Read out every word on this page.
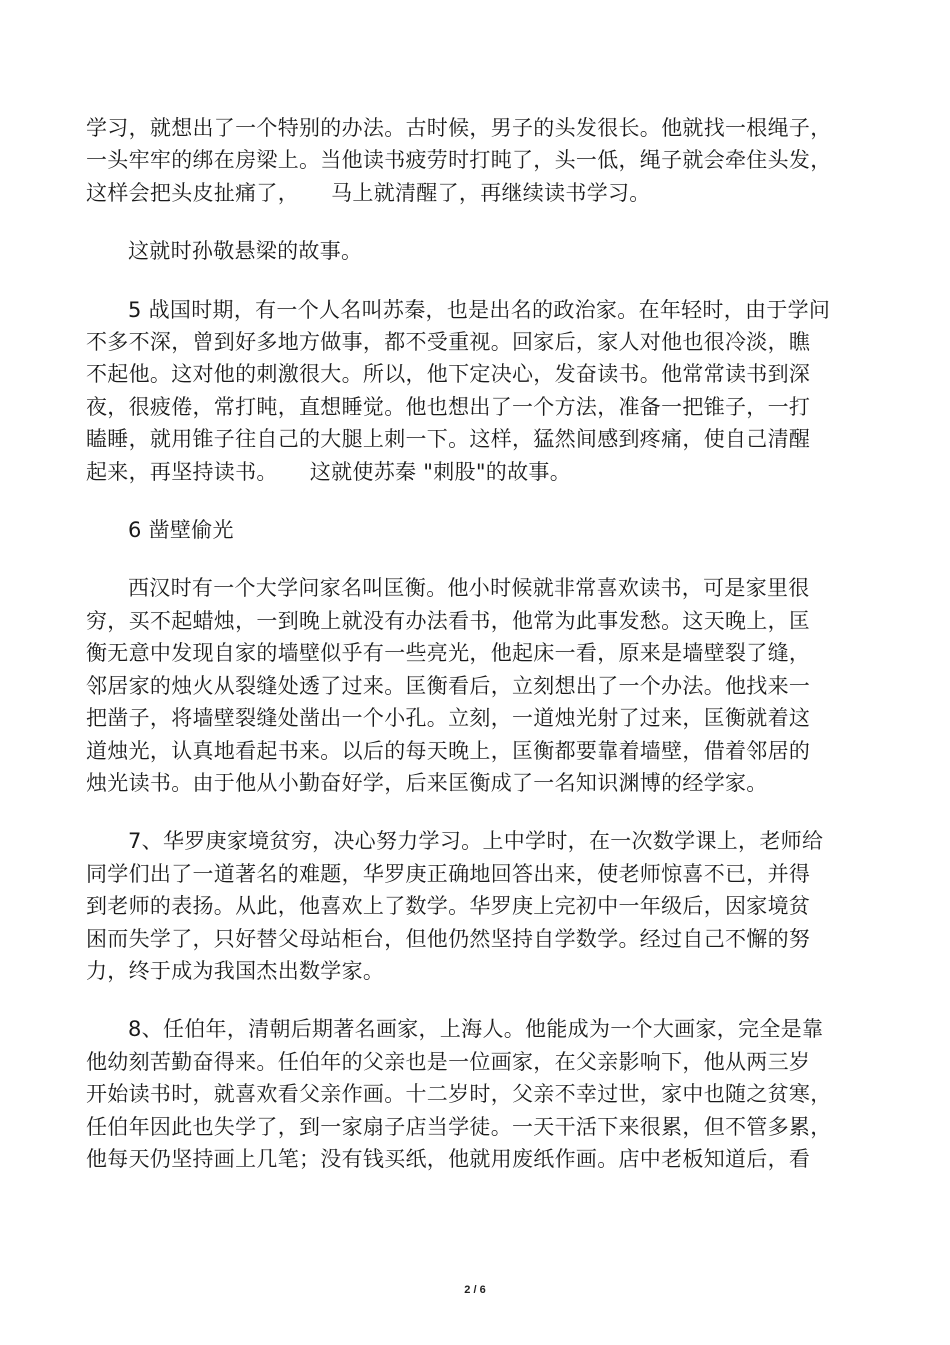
学习，就想出了一个特别的办法。古时候，男子的头发很长。他就找一根绳子，
一头牢牢的绑在房梁上。当他读书疲劳时打盹了，头一低，绳子就会牵住头发，
这样会把头皮扯痛了，　　马上就清醒了，再继续读书学习。

这就时孙敬悬梁的故事。

5 战国时期，有一个人名叫苏秦，也是出名的政治家。在年轻时，由于学问
不多不深，曾到好多地方做事，都不受重视。回家后，家人对他也很冷淡，瞧
不起他。这对他的刺激很大。所以，他下定决心，发奋读书。他常常读书到深
夜，很疲倦，常打盹，直想睡觉。他也想出了一个方法，准备一把锥子，一打
瞌睡，就用锥子往自己的大腿上刺一下。这样，猛然间感到疼痛，使自己清醒
起来，再坚持读书。　　这就使苏秦 "刺股"的故事。

6 凿壁偷光

西汉时有一个大学问家名叫匡衡。他小时候就非常喜欢读书，可是家里很
穷，买不起蜡烛，一到晚上就没有办法看书，他常为此事发愁。这天晚上，匡
衡无意中发现自家的墙壁似乎有一些亮光，他起床一看，原来是墙壁裂了缝，
邻居家的烛火从裂缝处透了过来。匡衡看后，立刻想出了一个办法。他找来一
把凿子，将墙壁裂缝处凿出一个小孔。立刻，一道烛光射了过来，匡衡就着这
道烛光，认真地看起书来。以后的每天晚上，匡衡都要靠着墙壁，借着邻居的
烛光读书。由于他从小勤奋好学，后来匡衡成了一名知识渊博的经学家。

7、华罗庚家境贫穷，决心努力学习。上中学时，在一次数学课上，老师给
同学们出了一道著名的难题，华罗庚正确地回答出来，使老师惊喜不已，并得
到老师的表扬。从此，他喜欢上了数学。华罗庚上完初中一年级后，因家境贫
困而失学了，只好替父母站柜台，但他仍然坚持自学数学。经过自己不懈的努
力，终于成为我国杰出数学家。

8、任伯年，清朝后期著名画家，上海人。他能成为一个大画家，完全是靠
他幼刻苦勤奋得来。任伯年的父亲也是一位画家，在父亲影响下，他从两三岁
开始读书时，就喜欢看父亲作画。十二岁时，父亲不幸过世，家中也随之贫寒，
任伯年因此也失学了，到一家扇子店当学徒。一天干活下来很累，但不管多累，
他每天仍坚持画上几笔；没有钱买纸，他就用废纸作画。店中老板知道后，看

2 / 6
